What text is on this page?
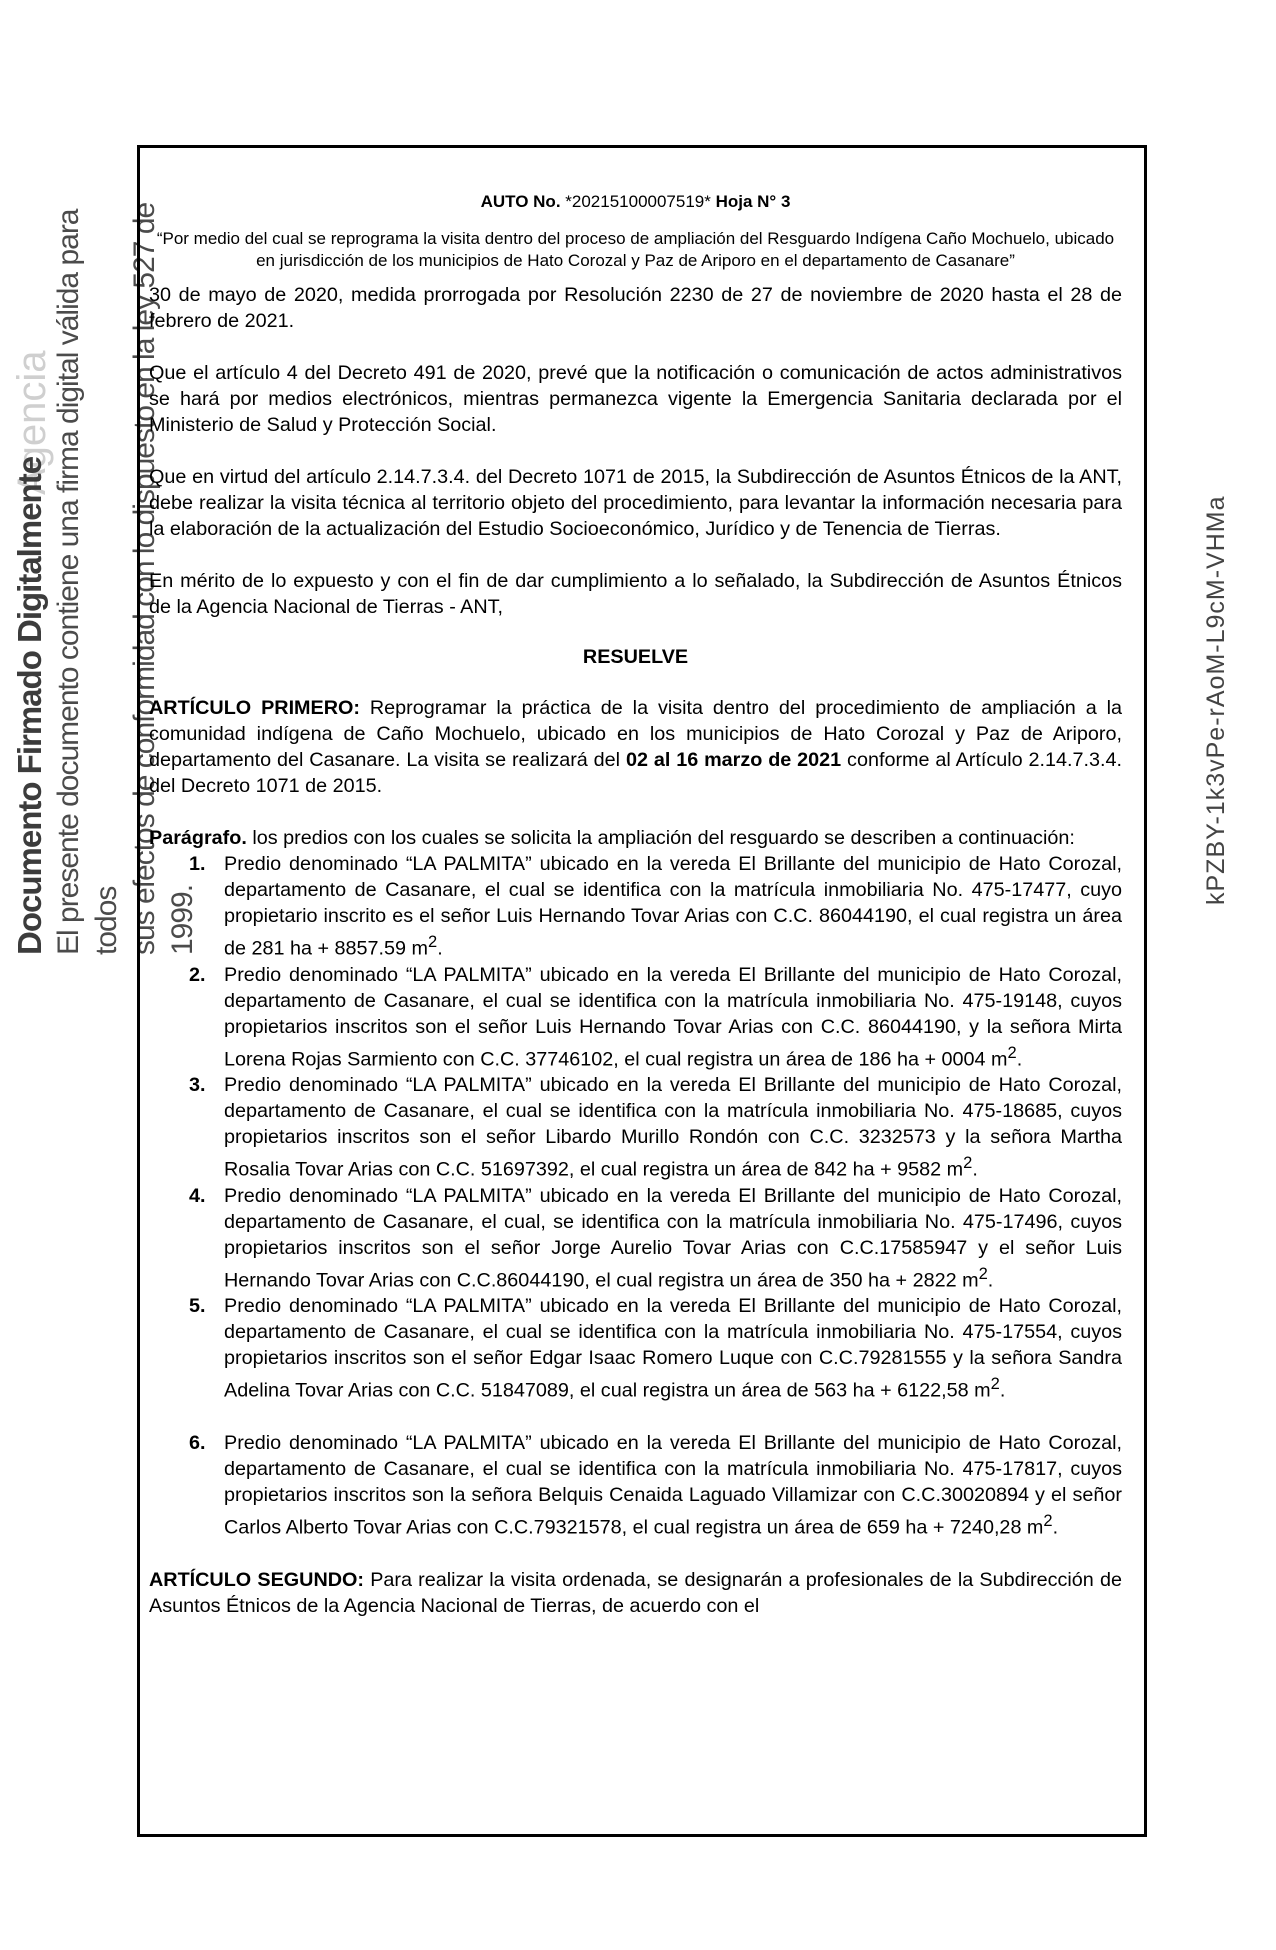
Agencia
Documento Firmado Digitalmente El presente documento contiene una firma digital válida para todos sus efectos de conformidad con lo dispuesto en la ley 527 de 1999.
kPZBY-1k3vPe-rAoM-L9cM-VHMa
AUTO No. *20215100007519* Hoja N° 3
“Por medio del cual se reprograma la visita dentro del proceso de ampliación del Resguardo Indígena Caño Mochuelo, ubicado en jurisdicción de los municipios de Hato Corozal y Paz de Ariporo en el departamento de Casanare”

30 de mayo de 2020, medida prorrogada por Resolución 2230 de 27 de noviembre de 2020 hasta el 28 de febrero de 2021.

Que el artículo 4 del Decreto 491 de 2020, prevé que la notificación o comunicación de actos administrativos se hará por medios electrónicos, mientras permanezca vigente la Emergencia Sanitaria declarada por el Ministerio de Salud y Protección Social.

Que en virtud del artículo 2.14.7.3.4. del Decreto 1071 de 2015, la Subdirección de Asuntos Étnicos de la ANT, debe realizar la visita técnica al territorio objeto del procedimiento, para levantar la información necesaria para la elaboración de la actualización del Estudio Socioeconómico, Jurídico y de Tenencia de Tierras.

En mérito de lo expuesto y con el fin de dar cumplimiento a lo señalado, la Subdirección de Asuntos Étnicos de la Agencia Nacional de Tierras - ANT,

RESUELVE

ARTÍCULO PRIMERO: Reprogramar la práctica de la visita dentro del procedimiento de ampliación a la comunidad indígena de Caño Mochuelo, ubicado en los municipios de Hato Corozal y Paz de Ariporo, departamento del Casanare. La visita se realizará del 02 al 16 marzo de 2021 conforme al Artículo 2.14.7.3.4. del Decreto 1071 de 2015.

Parágrafo. los predios con los cuales se solicita la ampliación del resguardo se describen a continuación:

1. Predio denominado “LA PALMITA” ubicado en la vereda El Brillante del municipio de Hato Corozal, departamento de Casanare, el cual se identifica con la matrícula inmobiliaria No. 475-17477, cuyo propietario inscrito es el señor Luis Hernando Tovar Arias con C.C. 86044190, el cual registra un área de 281 ha + 8857.59 $m^2$.
2. Predio denominado “LA PALMITA” ubicado en la vereda El Brillante del municipio de Hato Corozal, departamento de Casanare, el cual se identifica con la matrícula inmobiliaria No. 475-19148, cuyos propietarios inscritos son el señor Luis Hernando Tovar Arias con C.C. 86044190, y la señora Mirta Lorena Rojas Sarmiento con C.C. 37746102, el cual registra un área de 186 ha + 0004 $m^2$.
3. Predio denominado “LA PALMITA” ubicado en la vereda El Brillante del municipio de Hato Corozal, departamento de Casanare, el cual se identifica con la matrícula inmobiliaria No. 475-18685, cuyos propietarios inscritos son el señor Libardo Murillo Rondón con C.C. 3232573 y la señora Martha Rosalia Tovar Arias con C.C. 51697392, el cual registra un área de 842 ha + 9582 $m^2$.
4. Predio denominado “LA PALMITA” ubicado en la vereda El Brillante del municipio de Hato Corozal, departamento de Casanare, el cual, se identifica con la matrícula inmobiliaria No. 475-17496, cuyos propietarios inscritos son el señor Jorge Aurelio Tovar Arias con C.C.17585947 y el señor Luis Hernando Tovar Arias con C.C.86044190, el cual registra un área de 350 ha + 2822 $m^2$.
5. Predio denominado “LA PALMITA” ubicado en la vereda El Brillante del municipio de Hato Corozal, departamento de Casanare, el cual se identifica con la matrícula inmobiliaria No. 475-17554, cuyos propietarios inscritos son el señor Edgar Isaac Romero Luque con C.C.79281555 y la señora Sandra Adelina Tovar Arias con C.C. 51847089, el cual registra un área de 563 ha + 6122,58 $m^2$.
6. Predio denominado “LA PALMITA” ubicado en la vereda El Brillante del municipio de Hato Corozal, departamento de Casanare, el cual se identifica con la matrícula inmobiliaria No. 475-17817, cuyos propietarios inscritos son la señora Belquis Cenaida Laguado Villamizar con C.C.30020894 y el señor Carlos Alberto Tovar Arias con C.C.79321578, el cual registra un área de 659 ha + 7240,28 $m^2$.

ARTÍCULO SEGUNDO: Para realizar la visita ordenada, se designarán a profesionales de la Subdirección de Asuntos Étnicos de la Agencia Nacional de Tierras, de acuerdo con el
